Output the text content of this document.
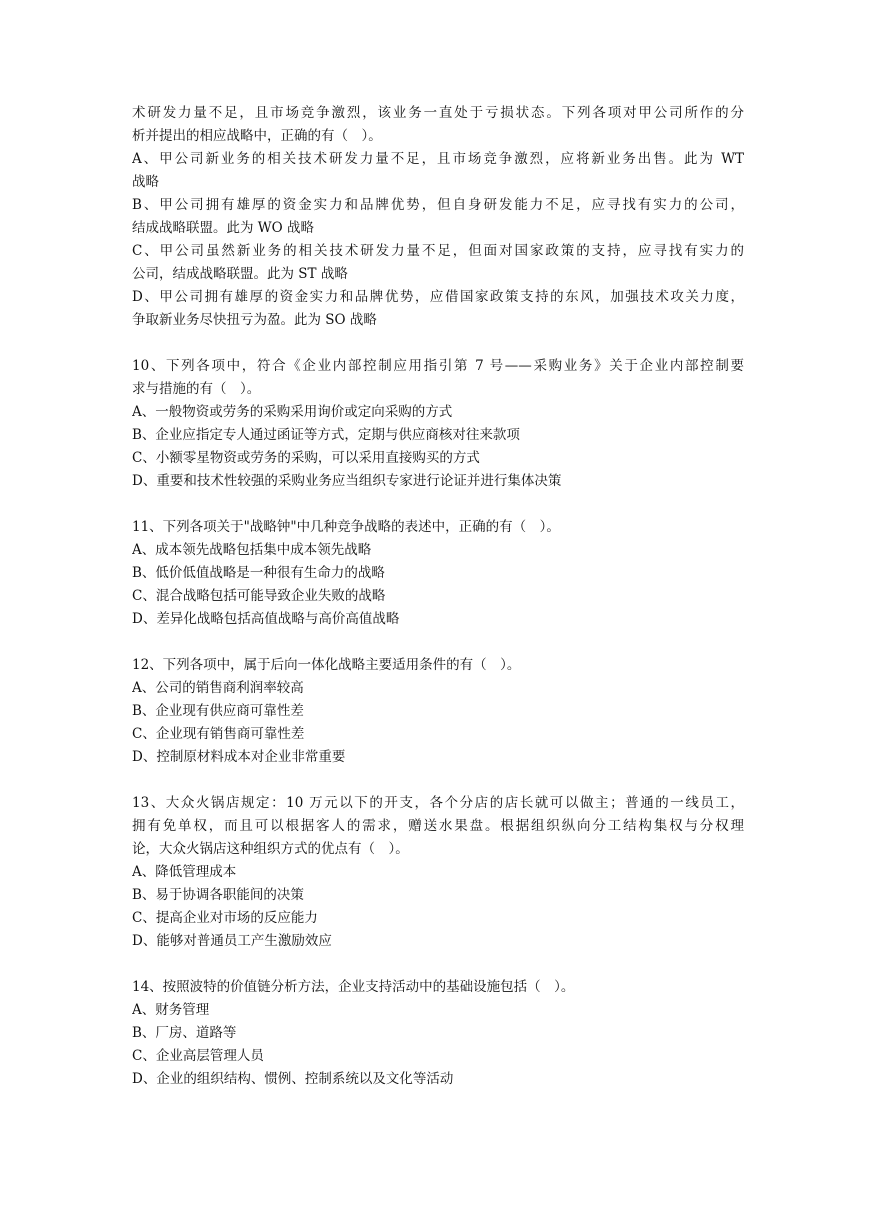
术研发力量不足，且市场竞争激烈，该业务一直处于亏损状态。下列各项对甲公司所作的分
析并提出的相应战略中，正确的有（　）。
A、甲公司新业务的相关技术研发力量不足，且市场竞争激烈，应将新业务出售。此为 WT
战略
B、甲公司拥有雄厚的资金实力和品牌优势，但自身研发能力不足，应寻找有实力的公司，
结成战略联盟。此为 WO 战略
C、甲公司虽然新业务的相关技术研发力量不足，但面对国家政策的支持，应寻找有实力的
公司，结成战略联盟。此为 ST 战略
D、甲公司拥有雄厚的资金实力和品牌优势，应借国家政策支持的东风，加强技术攻关力度，
争取新业务尽快扭亏为盈。此为 SO 战略
10、下列各项中，符合《企业内部控制应用指引第 7 号——采购业务》关于企业内部控制要
求与措施的有（　）。
A、一般物资或劳务的采购采用询价或定向采购的方式
B、企业应指定专人通过函证等方式，定期与供应商核对往来款项
C、小额零星物资或劳务的采购，可以采用直接购买的方式
D、重要和技术性较强的采购业务应当组织专家进行论证并进行集体决策
11、下列各项关于"战略钟"中几种竞争战略的表述中，正确的有（　）。
A、成本领先战略包括集中成本领先战略
B、低价低值战略是一种很有生命力的战略
C、混合战略包括可能导致企业失败的战略
D、差异化战略包括高值战略与高价高值战略
12、下列各项中，属于后向一体化战略主要适用条件的有（　）。
A、公司的销售商利润率较高
B、企业现有供应商可靠性差
C、企业现有销售商可靠性差
D、控制原材料成本对企业非常重要
13、大众火锅店规定：10 万元以下的开支，各个分店的店长就可以做主；普通的一线员工，
拥有免单权，而且可以根据客人的需求，赠送水果盘。根据组织纵向分工结构集权与分权理
论，大众火锅店这种组织方式的优点有（　）。
A、降低管理成本
B、易于协调各职能间的决策
C、提高企业对市场的反应能力
D、能够对普通员工产生激励效应
14、按照波特的价值链分析方法，企业支持活动中的基础设施包括（　）。
A、财务管理
B、厂房、道路等
C、企业高层管理人员
D、企业的组织结构、惯例、控制系统以及文化等活动
